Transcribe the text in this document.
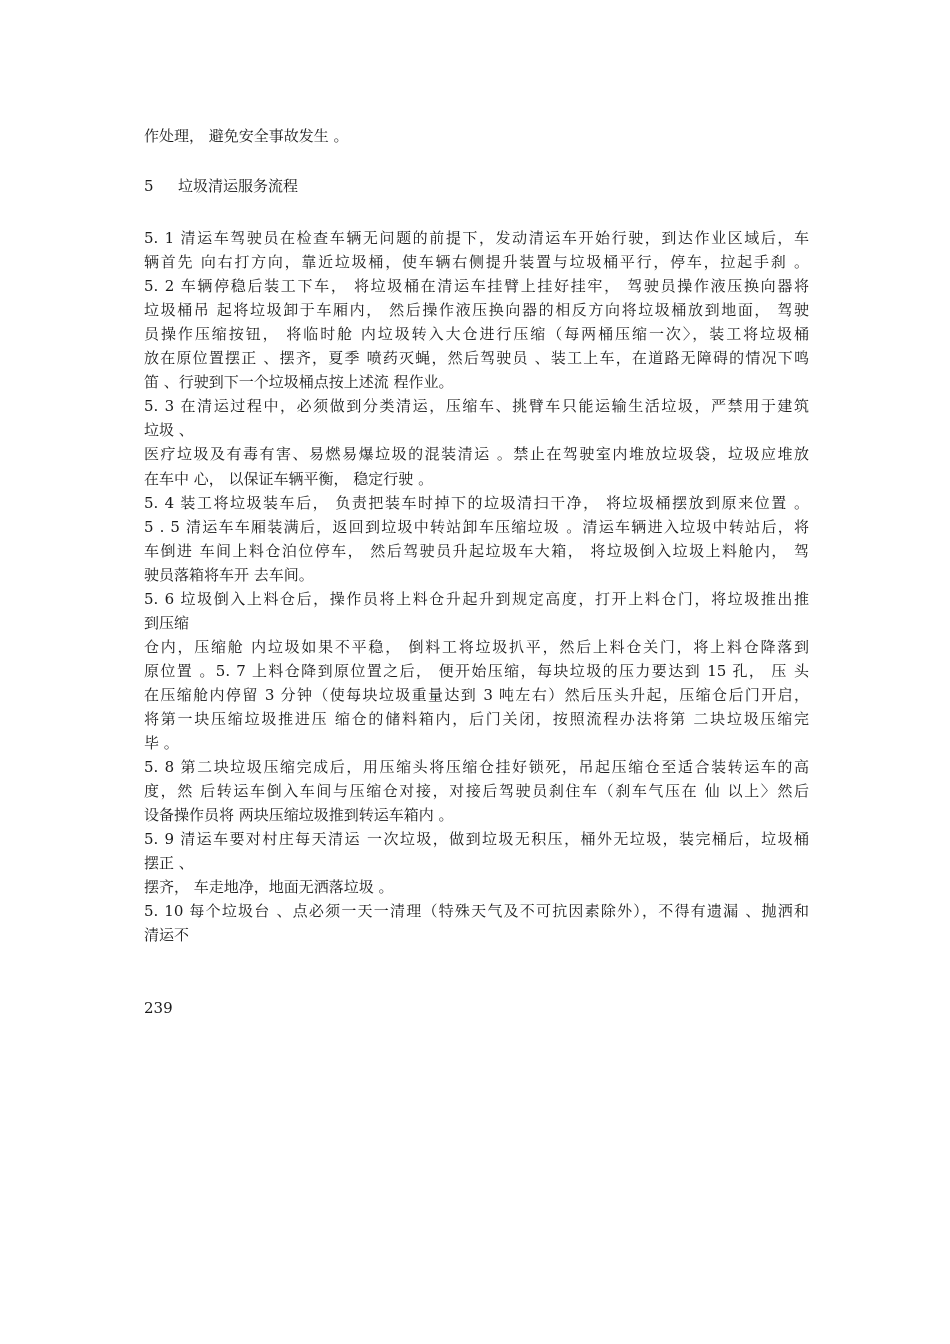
作处理， 避免安全事故发生 。
5 垃圾清运服务流程
5. 1 清运车驾驶员在检查车辆无问题的前提下，发动清运车开始行驶，到达作业区域后，车
辆首先 向右打方向，靠近垃圾桶，使车辆右侧提升装置与垃圾桶平行，停车，拉起手刹 。
5. 2 车辆停稳后装工下车， 将垃圾桶在清运车挂臂上挂好挂牢， 驾驶员操作液压换向器将
垃圾桶吊 起将垃圾卸于车厢内， 然后操作液压换向器的相反方向将垃圾桶放到地面， 驾驶
员操作压缩按钮， 将临时舱 内垃圾转入大仓进行压缩（每两桶压缩一次〉，装工将垃圾桶
放在原位置摆正 、摆齐，夏季 喷药灭蝇，然后驾驶员 、装工上车，在道路无障碍的情况下鸣
笛 、行驶到下一个垃圾桶点按上述流 程作业。
5. 3 在清运过程中，必须做到分类清运，压缩车、挑臂车只能运输生活垃圾，严禁用于建筑
垃圾 、
医疗垃圾及有毒有害、易燃易爆垃圾的混装清运 。禁止在驾驶室内堆放垃圾袋，垃圾应堆放
在车中 心， 以保证车辆平衡， 稳定行驶 。
5. 4 装工将垃圾装车后， 负责把装车时掉下的垃圾清扫干净， 将垃圾桶摆放到原来位置 。
5 . 5 清运车车厢装满后，返回到垃圾中转站卸车压缩垃圾 。清运车辆进入垃圾中转站后，将
车倒进 车间上料仓泊位停车， 然后驾驶员升起垃圾车大箱， 将垃圾倒入垃圾上料舱内， 驾
驶员落箱将车开 去车间。
5. 6 垃圾倒入上料仓后，操作员将上料仓升起升到规定高度，打开上料仓门，将垃圾推出推
到压缩
仓内，压缩舱 内垃圾如果不平稳， 倒料工将垃圾扒平，然后上料仓关门，将上料仓降落到
原位置 。5. 7 上料仓降到原位置之后， 便开始压缩，每块垃圾的压力要达到 15 孔， 压 头
在压缩舱内停留 3 分钟（使每块垃圾重量达到 3 吨左右）然后压头升起，压缩仓后门开启，
将第一块压缩垃圾推进压 缩仓的储料箱内，后门关闭，按照流程办法将第 二块垃圾压缩完
毕 。
5. 8 第二块垃圾压缩完成后，用压缩头将压缩仓挂好锁死，吊起压缩仓至适合装转运车的高
度，然 后转运车倒入车间与压缩仓对接，对接后驾驶员刹住车（刹车气压在 仙 以上〉然后
设备操作员将 两块压缩垃圾推到转运车箱内 。
5. 9 清运车要对村庄每天清运 一次垃圾，做到垃圾无积压，桶外无垃圾，装完桶后，垃圾桶
摆正 、
摆齐， 车走地净，地面无洒落垃圾 。
5. 10 每个垃圾台 、点必须一天一清理（特殊天气及不可抗因素除外），不得有遗漏 、抛洒和
清运不
239
